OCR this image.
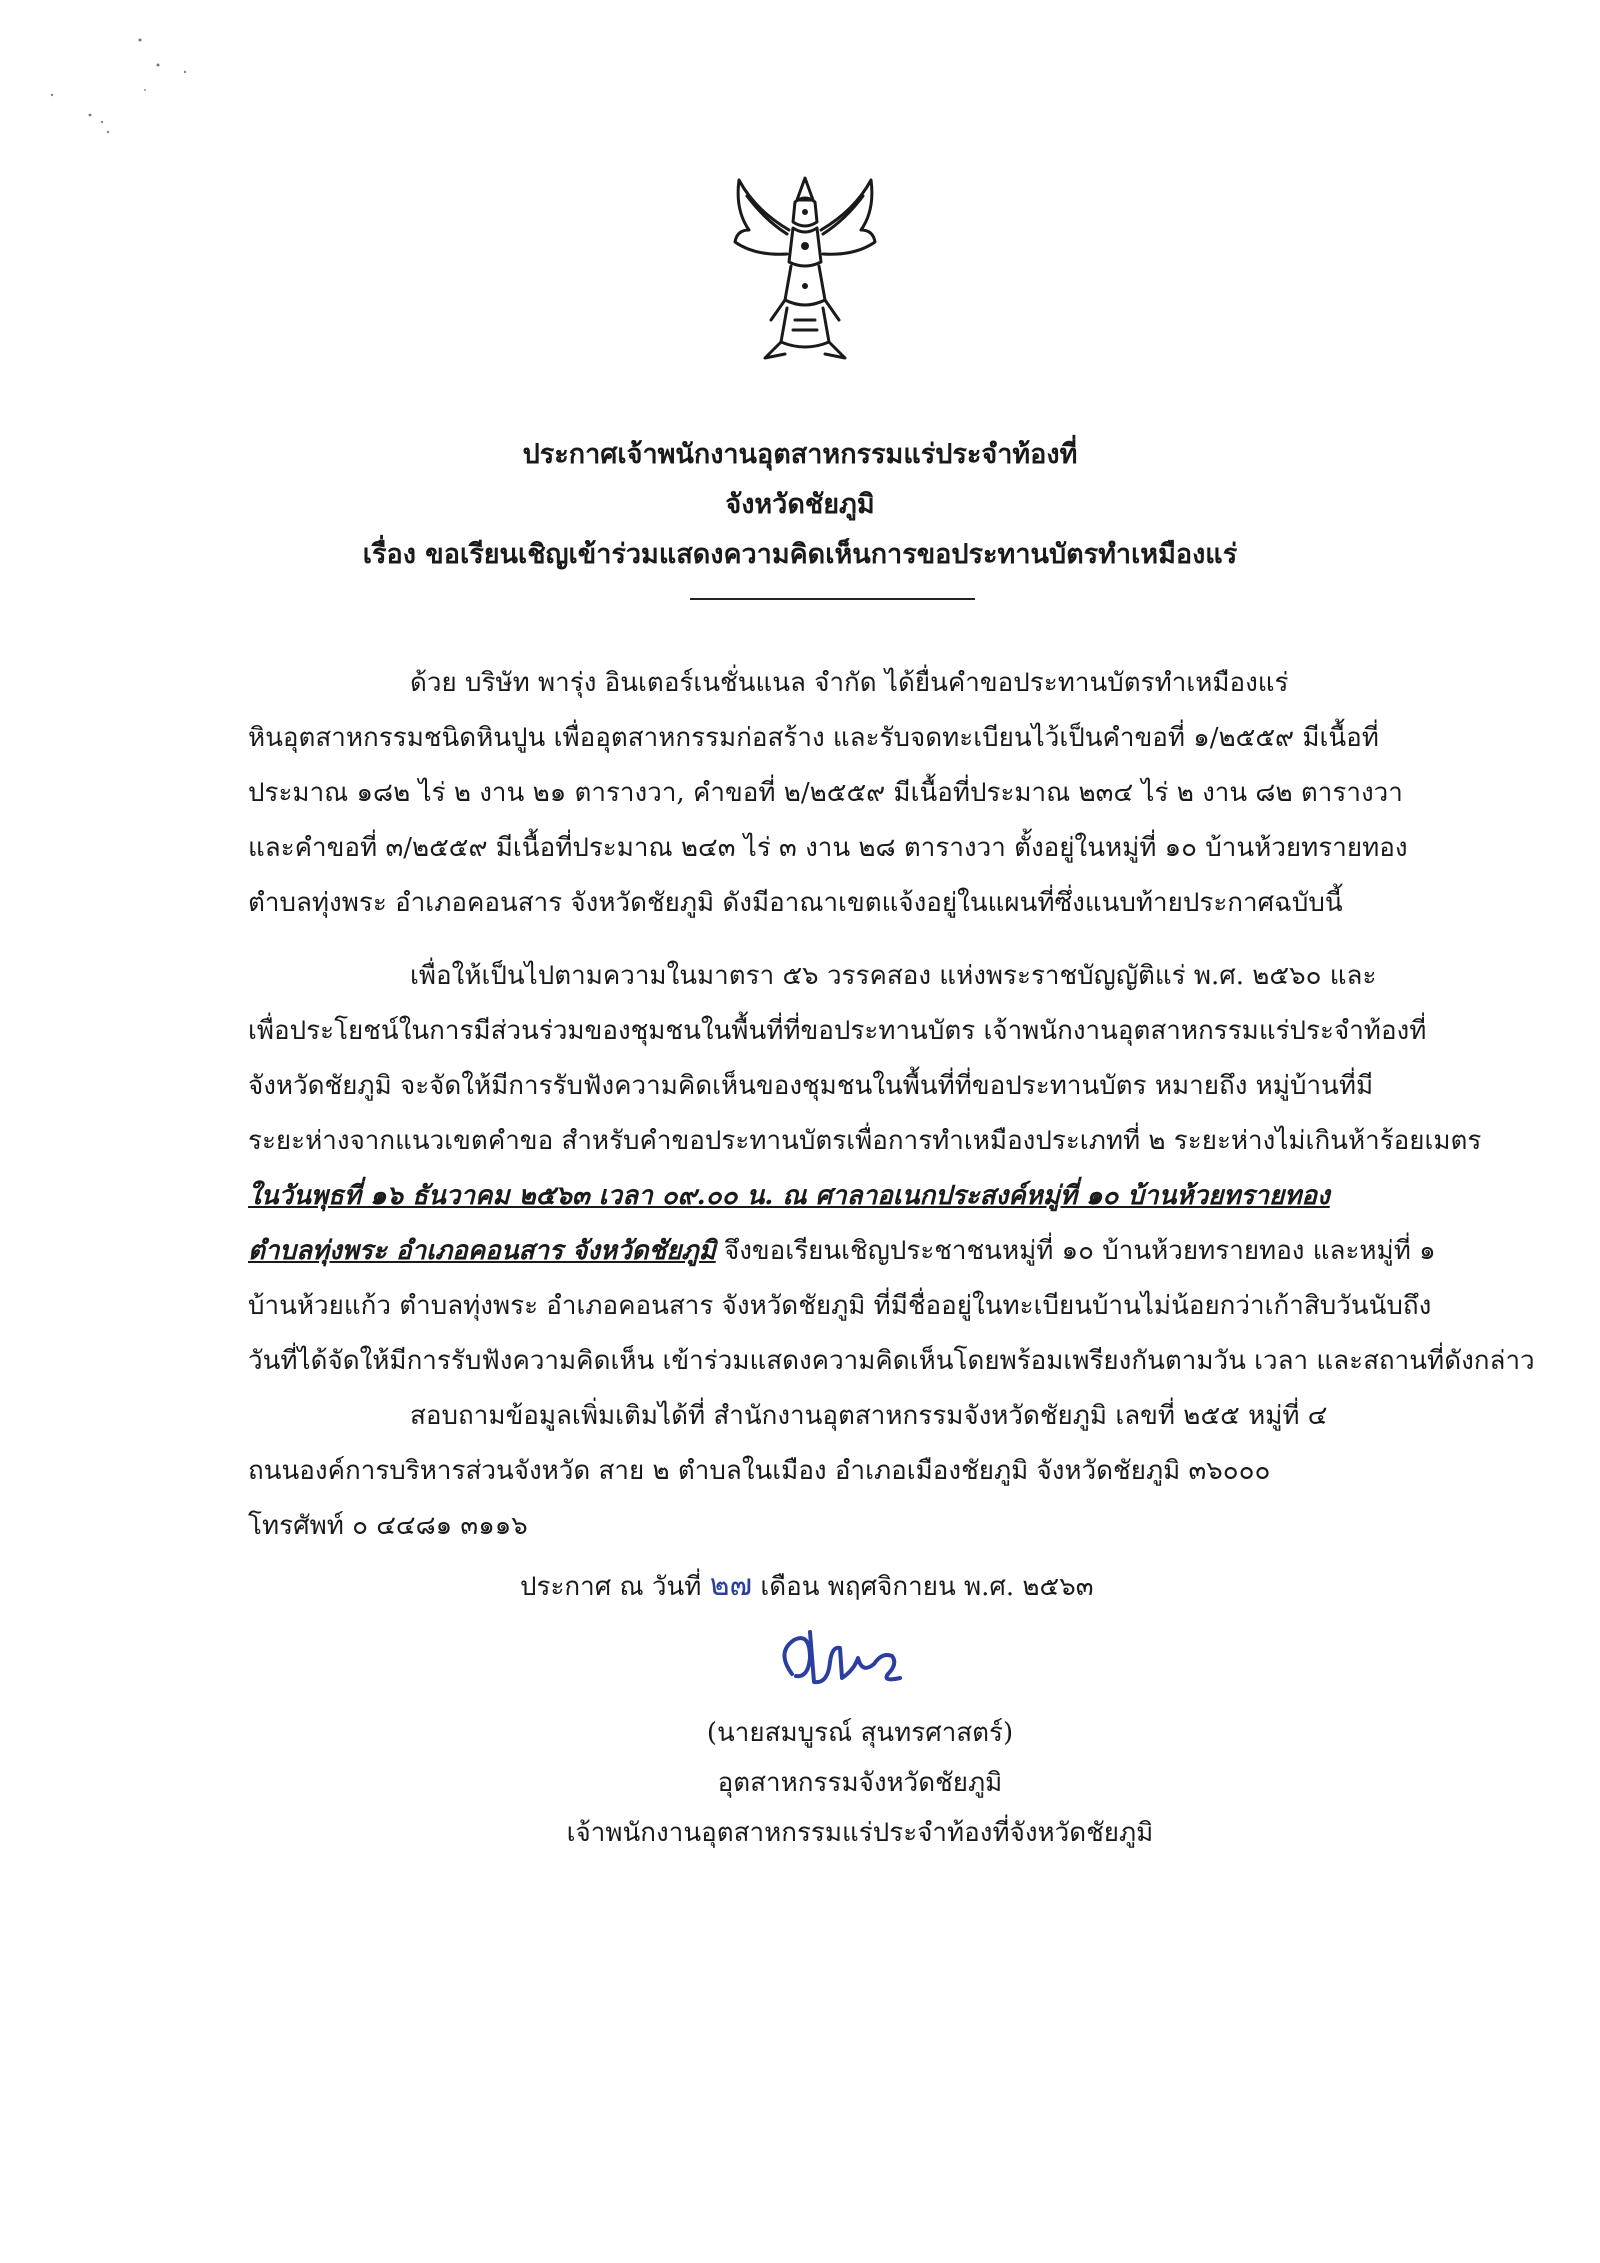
ประกาศเจ้าพนักงานอุตสาหกรรมแร่ประจำท้องที่
จังหวัดชัยภูมิ
เรื่อง ขอเรียนเชิญเข้าร่วมแสดงความคิดเห็นการขอประทานบัตรทำเหมืองแร่
ด้วย บริษัท พารุ่ง อินเตอร์เนชั่นแนล จำกัด ได้ยื่นคำขอประทานบัตรทำเหมืองแร่
หินอุตสาหกรรมชนิดหินปูน เพื่ออุตสาหกรรมก่อสร้าง และรับจดทะเบียนไว้เป็นคำขอที่ ๑/๒๕๕๙ มีเนื้อที่
ประมาณ ๑๘๒ ไร่ ๒ งาน ๒๑ ตารางวา, คำขอที่ ๒/๒๕๕๙ มีเนื้อที่ประมาณ ๒๓๔ ไร่ ๒ งาน ๘๒ ตารางวา
และคำขอที่ ๓/๒๕๕๙ มีเนื้อที่ประมาณ ๒๔๓ ไร่ ๓ งาน ๒๘ ตารางวา ตั้งอยู่ในหมู่ที่ ๑๐ บ้านห้วยทรายทอง
ตำบลทุ่งพระ อำเภอคอนสาร จังหวัดชัยภูมิ ดังมีอาณาเขตแจ้งอยู่ในแผนที่ซึ่งแนบท้ายประกาศฉบับนี้
เพื่อให้เป็นไปตามความในมาตรา ๕๖ วรรคสอง แห่งพระราชบัญญัติแร่ พ.ศ. ๒๕๖๐ และ
เพื่อประโยชน์ในการมีส่วนร่วมของชุมชนในพื้นที่ที่ขอประทานบัตร เจ้าพนักงานอุตสาหกรรมแร่ประจำท้องที่
จังหวัดชัยภูมิ จะจัดให้มีการรับฟังความคิดเห็นของชุมชนในพื้นที่ที่ขอประทานบัตร หมายถึง หมู่บ้านที่มี
ระยะห่างจากแนวเขตคำขอ สำหรับคำขอประทานบัตรเพื่อการทำเหมืองประเภทที่ ๒ ระยะห่างไม่เกินห้าร้อยเมตร
ในวันพุธที่ ๑๖ ธันวาคม ๒๕๖๓ เวลา ๐๙.๐๐ น. ณ ศาลาอเนกประสงค์หมู่ที่ ๑๐ บ้านห้วยทรายทอง
ตำบลทุ่งพระ อำเภอคอนสาร จังหวัดชัยภูมิ จึงขอเรียนเชิญประชาชนหมู่ที่ ๑๐ บ้านห้วยทรายทอง และหมู่ที่ ๑
บ้านห้วยแก้ว ตำบลทุ่งพระ อำเภอคอนสาร จังหวัดชัยภูมิ ที่มีชื่ออยู่ในทะเบียนบ้านไม่น้อยกว่าเก้าสิบวันนับถึง
วันที่ได้จัดให้มีการรับฟังความคิดเห็น เข้าร่วมแสดงความคิดเห็นโดยพร้อมเพรียงกันตามวัน เวลา และสถานที่ดังกล่าว
สอบถามข้อมูลเพิ่มเติมได้ที่ สำนักงานอุตสาหกรรมจังหวัดชัยภูมิ เลขที่ ๒๕๕ หมู่ที่ ๔
ถนนองค์การบริหารส่วนจังหวัด สาย ๒ ตำบลในเมือง อำเภอเมืองชัยภูมิ จังหวัดชัยภูมิ ๓๖๐๐๐
ประกาศ ณ วันที่ ๒๗ เดือน พฤศจิกายน พ.ศ. ๒๕๖๓
โทรศัพท์ ๐ ๔๔๘๑ ๓๑๑๖
(นายสมบูรณ์ สุนทรศาสตร์)
อุตสาหกรรมจังหวัดชัยภูมิ
เจ้าพนักงานอุตสาหกรรมแร่ประจำท้องที่จังหวัดชัยภูมิ
